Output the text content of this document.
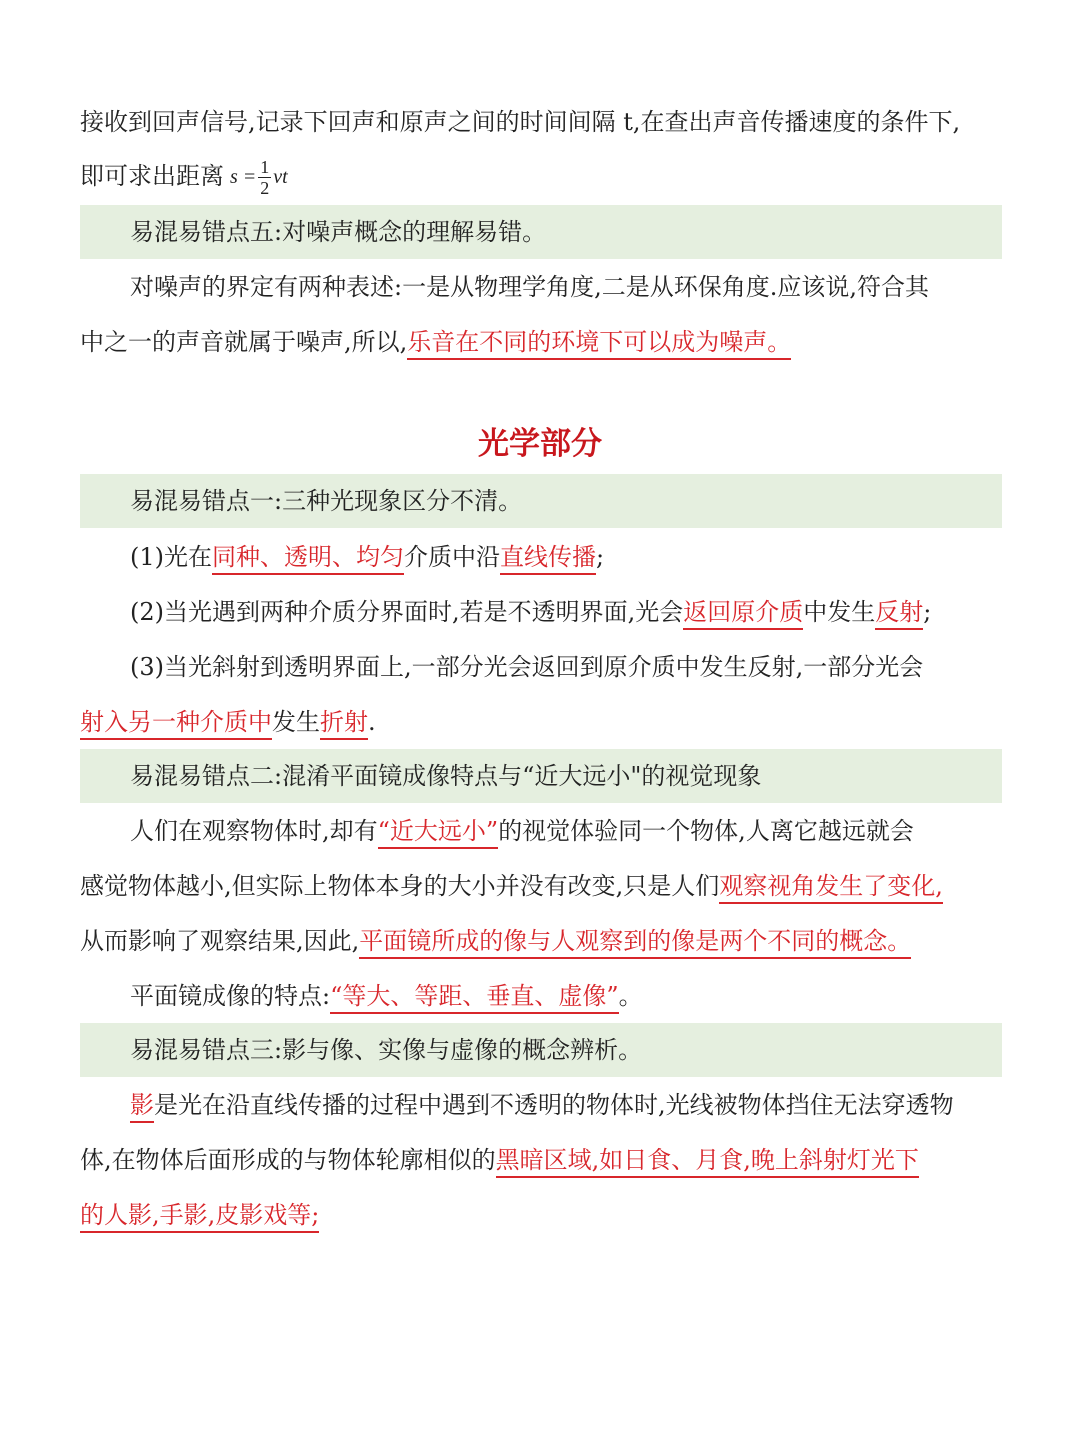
接收到回声信号,记录下回声和原声之间的时间间隔 t,在查出声音传播速度的条件下,
即可求出距离 $s = \frac{1}{2}$ vt
易混易错点五:对噪声概念的理解易错。
对噪声的界定有两种表述:一是从物理学角度,二是从环保角度.应该说,符合其
中之一的声音就属于噪声,所以,乐音在不同的环境下可以成为噪声。
光学部分
易混易错点一:三种光现象区分不清。
(1)光在同种、透明、均匀介质中沿直线传播;
(2)当光遇到两种介质分界面时,若是不透明界面,光会返回原介质中发生反射;
(3)当光斜射到透明界面上,一部分光会返回到原介质中发生反射,一部分光会
射入另一种介质中发生折射.
易混易错点二:混淆平面镜成像特点与“近大远小"的视觉现象
人们在观察物体时,却有“近大远小”的视觉体验同一个物体,人离它越远就会
感觉物体越小,但实际上物体本身的大小并没有改变,只是人们观察视角发生了变化,
从而影响了观察结果,因此,平面镜所成的像与人观察到的像是两个不同的概念。
平面镜成像的特点:“等大、等距、垂直、虚像”。
易混易错点三:影与像、实像与虚像的概念辨析。
影是光在沿直线传播的过程中遇到不透明的物体时,光线被物体挡住无法穿透物
体,在物体后面形成的与物体轮廓相似的黑暗区域,如日食、月食,晚上斜射灯光下
的人影,手影,皮影戏等;
